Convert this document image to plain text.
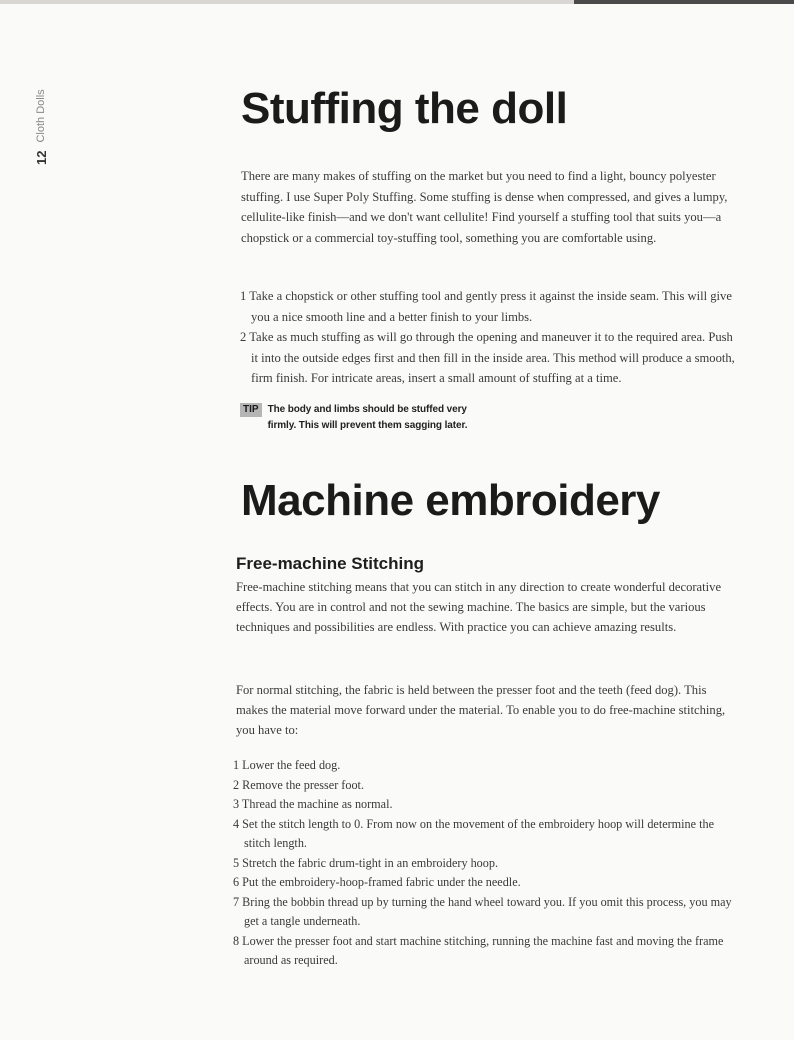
12
Cloth Dolls	Stuffing the doll

There are many makes of stuffing on the market but you need to find a light, bouncy polyester stuffing. I use Super Poly Stuffing. Some stuffing is dense when compressed, and gives a lumpy, cellulite-like finish—and we don't want cellulite! Find yourself a stuffing tool that suits you—a chopstick or a commercial toy-stuffing tool, something you are comfortable using.

1 Take a chopstick or other stuffing tool and gently press it against the inside seam. This will give you a nice smooth line and a better finish to your limbs.
2 Take as much stuffing as will go through the opening and maneuver it to the required area. Push it into the outside edges first and then fill in the inside area. This method will produce a smooth, firm finish. For intricate areas, insert a small amount of stuffing at a time.
TIP The body and limbs should be stuffed very firmly. This will prevent them sagging later.
Machine embroidery
Free-machine Stitching

Free-machine stitching means that you can stitch in any direction to create wonderful decorative effects. You are in control and not the sewing machine. The basics are simple, but the various techniques and possibilities are endless. With practice you can achieve amazing results.

For normal stitching, the fabric is held between the presser foot and the teeth (feed dog). This makes the material move forward under the material. To enable you to do free-machine stitching, you have to:

1 Lower the feed dog.
2 Remove the presser foot.
3 Thread the machine as normal.
4 Set the stitch length to 0. From now on the movement of the embroidery hoop will determine the stitch length.
5 Stretch the fabric drum-tight in an embroidery hoop.
6 Put the embroidery-hoop-framed fabric under the needle.
7 Bring the bobbin thread up by turning the hand wheel toward you. If you omit this process, you may get a tangle underneath.
8 Lower the presser foot and start machine stitching, running the machine fast and moving the frame around as required.
